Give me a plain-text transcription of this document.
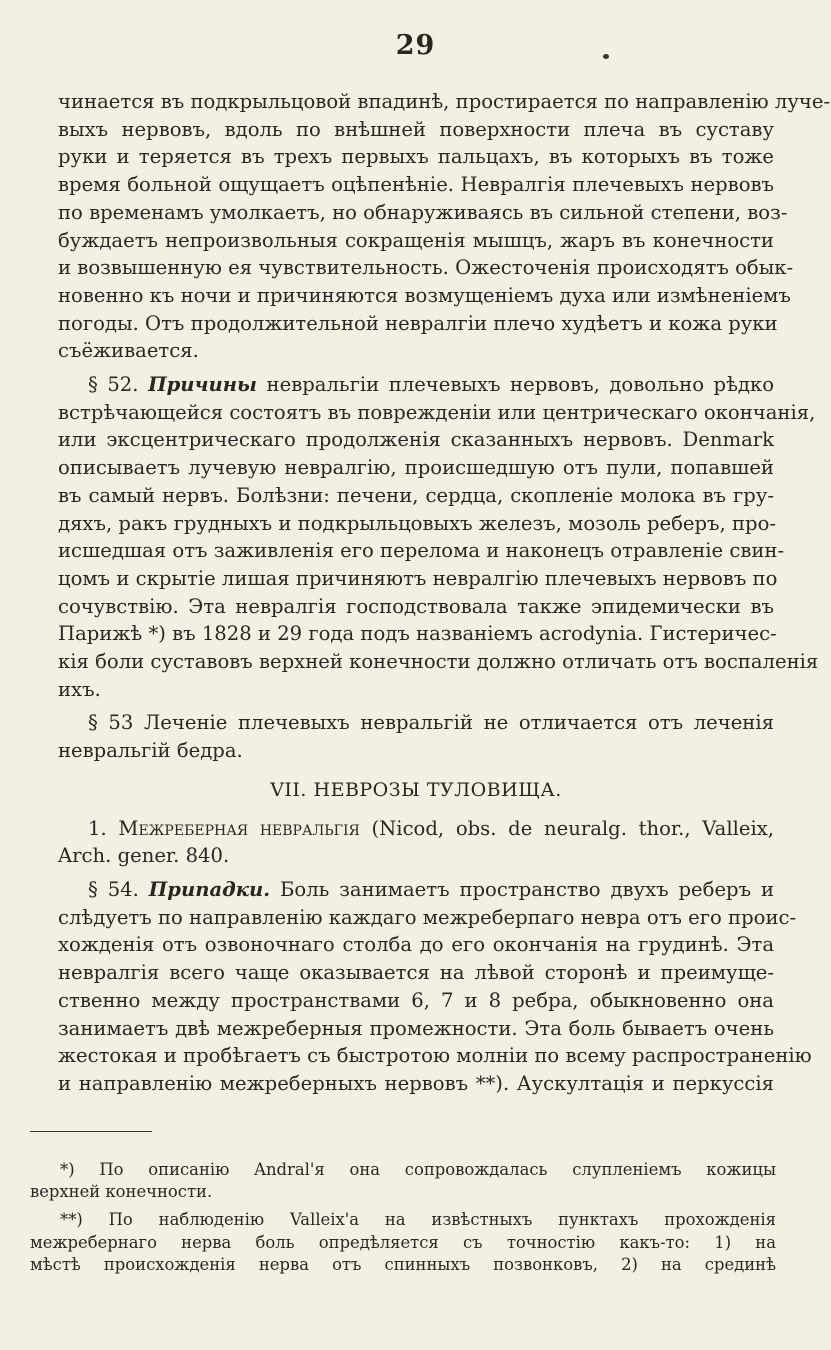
29
чинается въ подкрыльцовой впадинѣ, простирается по направленію луче-
выхъ нервовъ, вдоль по внѣшней поверхности плеча въ суставу
руки и теряется въ трехъ первыхъ пальцахъ, въ которыхъ въ тоже
время больной ощущаетъ оцѣпенѣніе. Невралгія плечевыхъ нервовъ
по временамъ умолкаетъ, но обнаруживаясь въ сильной степени, воз-
буждаетъ непроизвольныя сокращенія мышцъ, жаръ въ конечности
и возвышенную ея чувствительность. Ожесточенія происходятъ обык-
новенно къ ночи и причиняются возмущеніемъ духа или измѣненіемъ
погоды. Отъ продолжительной невралгіи плечо худѣетъ и кожа руки
съёживается.
§ 52. Причины невральгіи плечевыхъ нервовъ, довольно рѣдко
встрѣчающейся состоятъ въ поврежденіи или центрическаго окончанія,
или эксцентрическаго продолженія сказанныхъ нервовъ. Denmark
описываетъ лучевую невралгію, происшедшую отъ пули, попавшей
въ самый нервъ. Болѣзни: печени, сердца, скопленіе молока въ гру-
дяхъ, ракъ грудныхъ и подкрыльцовыхъ железъ, мозоль реберъ, про-
исшедшая отъ заживленія его перелома и наконецъ отравленіе свин-
цомъ и скрытіе лишая причиняютъ невралгію плечевыхъ нервовъ по
сочувствію. Эта невралгія господствовала также эпидемически въ
Парижѣ *) въ 1828 и 29 года подъ названіемъ acrodynia. Гистеричес-
кія боли суставовъ верхней конечности должно отличать отъ воспаленія
ихъ.
§ 53 Леченіе плечевыхъ невральгій не отличается отъ леченія
невральгій бедра.
VII. НЕВРОЗЫ ТУЛОВИЩА.
1. Межреберная невральгія (Nicod, obs. de neuralg. thor., Valleix,
Arch. gener. 840.
§ 54. Припадки. Боль занимаетъ пространство двухъ реберъ и
слѣдуетъ по направленію каждаго межреберпаго невра отъ его проис-
хожденія отъ озвоночнаго столба до его окончанія на грудинѣ. Эта
невралгія всего чаще оказывается на лѣвой сторонѣ и преимуще-
ственно между пространствами 6, 7 и 8 ребра, обыкновенно она
занимаетъ двѣ межреберныя промежности. Эта боль бываетъ очень
жестокая и пробѣгаетъ съ быстротою молніи по всему распространенію
и направленію межреберныхъ нервовъ **). Аускултація и перкуссія
*) По описанію Andral'я она сопровождалась слупленіемъ кожицы
верхней конечности.
**) По наблюденію Valleix'а на извѣстныхъ пунктахъ прохожденія
межребернаго нерва боль опредѣляется съ точностію какъ-то: 1) на
мѣстѣ происхожденія нерва отъ спинныхъ позвонковъ, 2) на срединѣ
